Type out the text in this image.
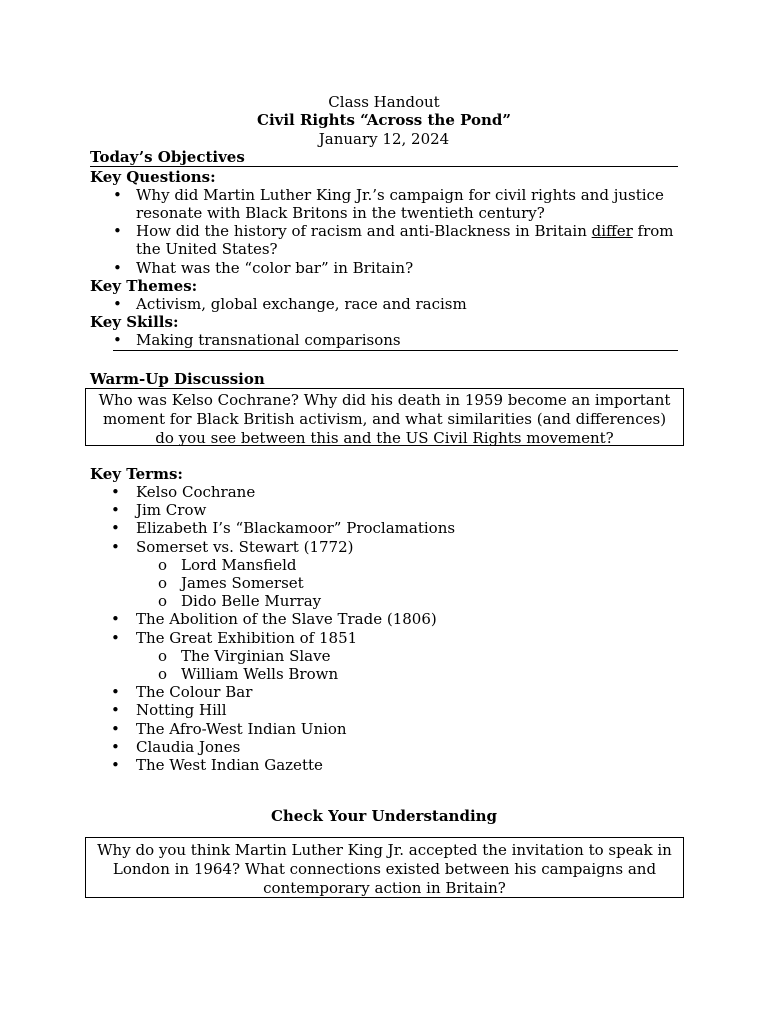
Class Handout
Civil Rights “Across the Pond”
January 12, 2024
Today’s Objectives
Key Questions:
• Why did Martin Luther King Jr.’s campaign for civil rights and justice
resonate with Black Britons in the twentieth century?
• How did the history of racism and anti-Blackness in Britain differ from
the United States?
• What was the “color bar” in Britain?
Key Themes:
• Activism, global exchange, race and racism
Key Skills:
• Making transnational comparisons
Warm-Up Discussion
Who was Kelso Cochrane? Why did his death in 1959 become an important
moment for Black British activism, and what similarities (and differences)
do you see between this and the US Civil Rights movement?
Key Terms:
• Kelso Cochrane
• Jim Crow
• Elizabeth I’s “Blackamoor” Proclamations
• Somerset vs. Stewart (1772)
o Lord Mansfield
o James Somerset
o Dido Belle Murray
• The Abolition of the Slave Trade (1806)
• The Great Exhibition of 1851
o The Virginian Slave
o William Wells Brown
• The Colour Bar
• Notting Hill
• The Afro-West Indian Union
• Claudia Jones
• The West Indian Gazette
Check Your Understanding
Why do you think Martin Luther King Jr. accepted the invitation to speak in
London in 1964? What connections existed between his campaigns and
contemporary action in Britain?
